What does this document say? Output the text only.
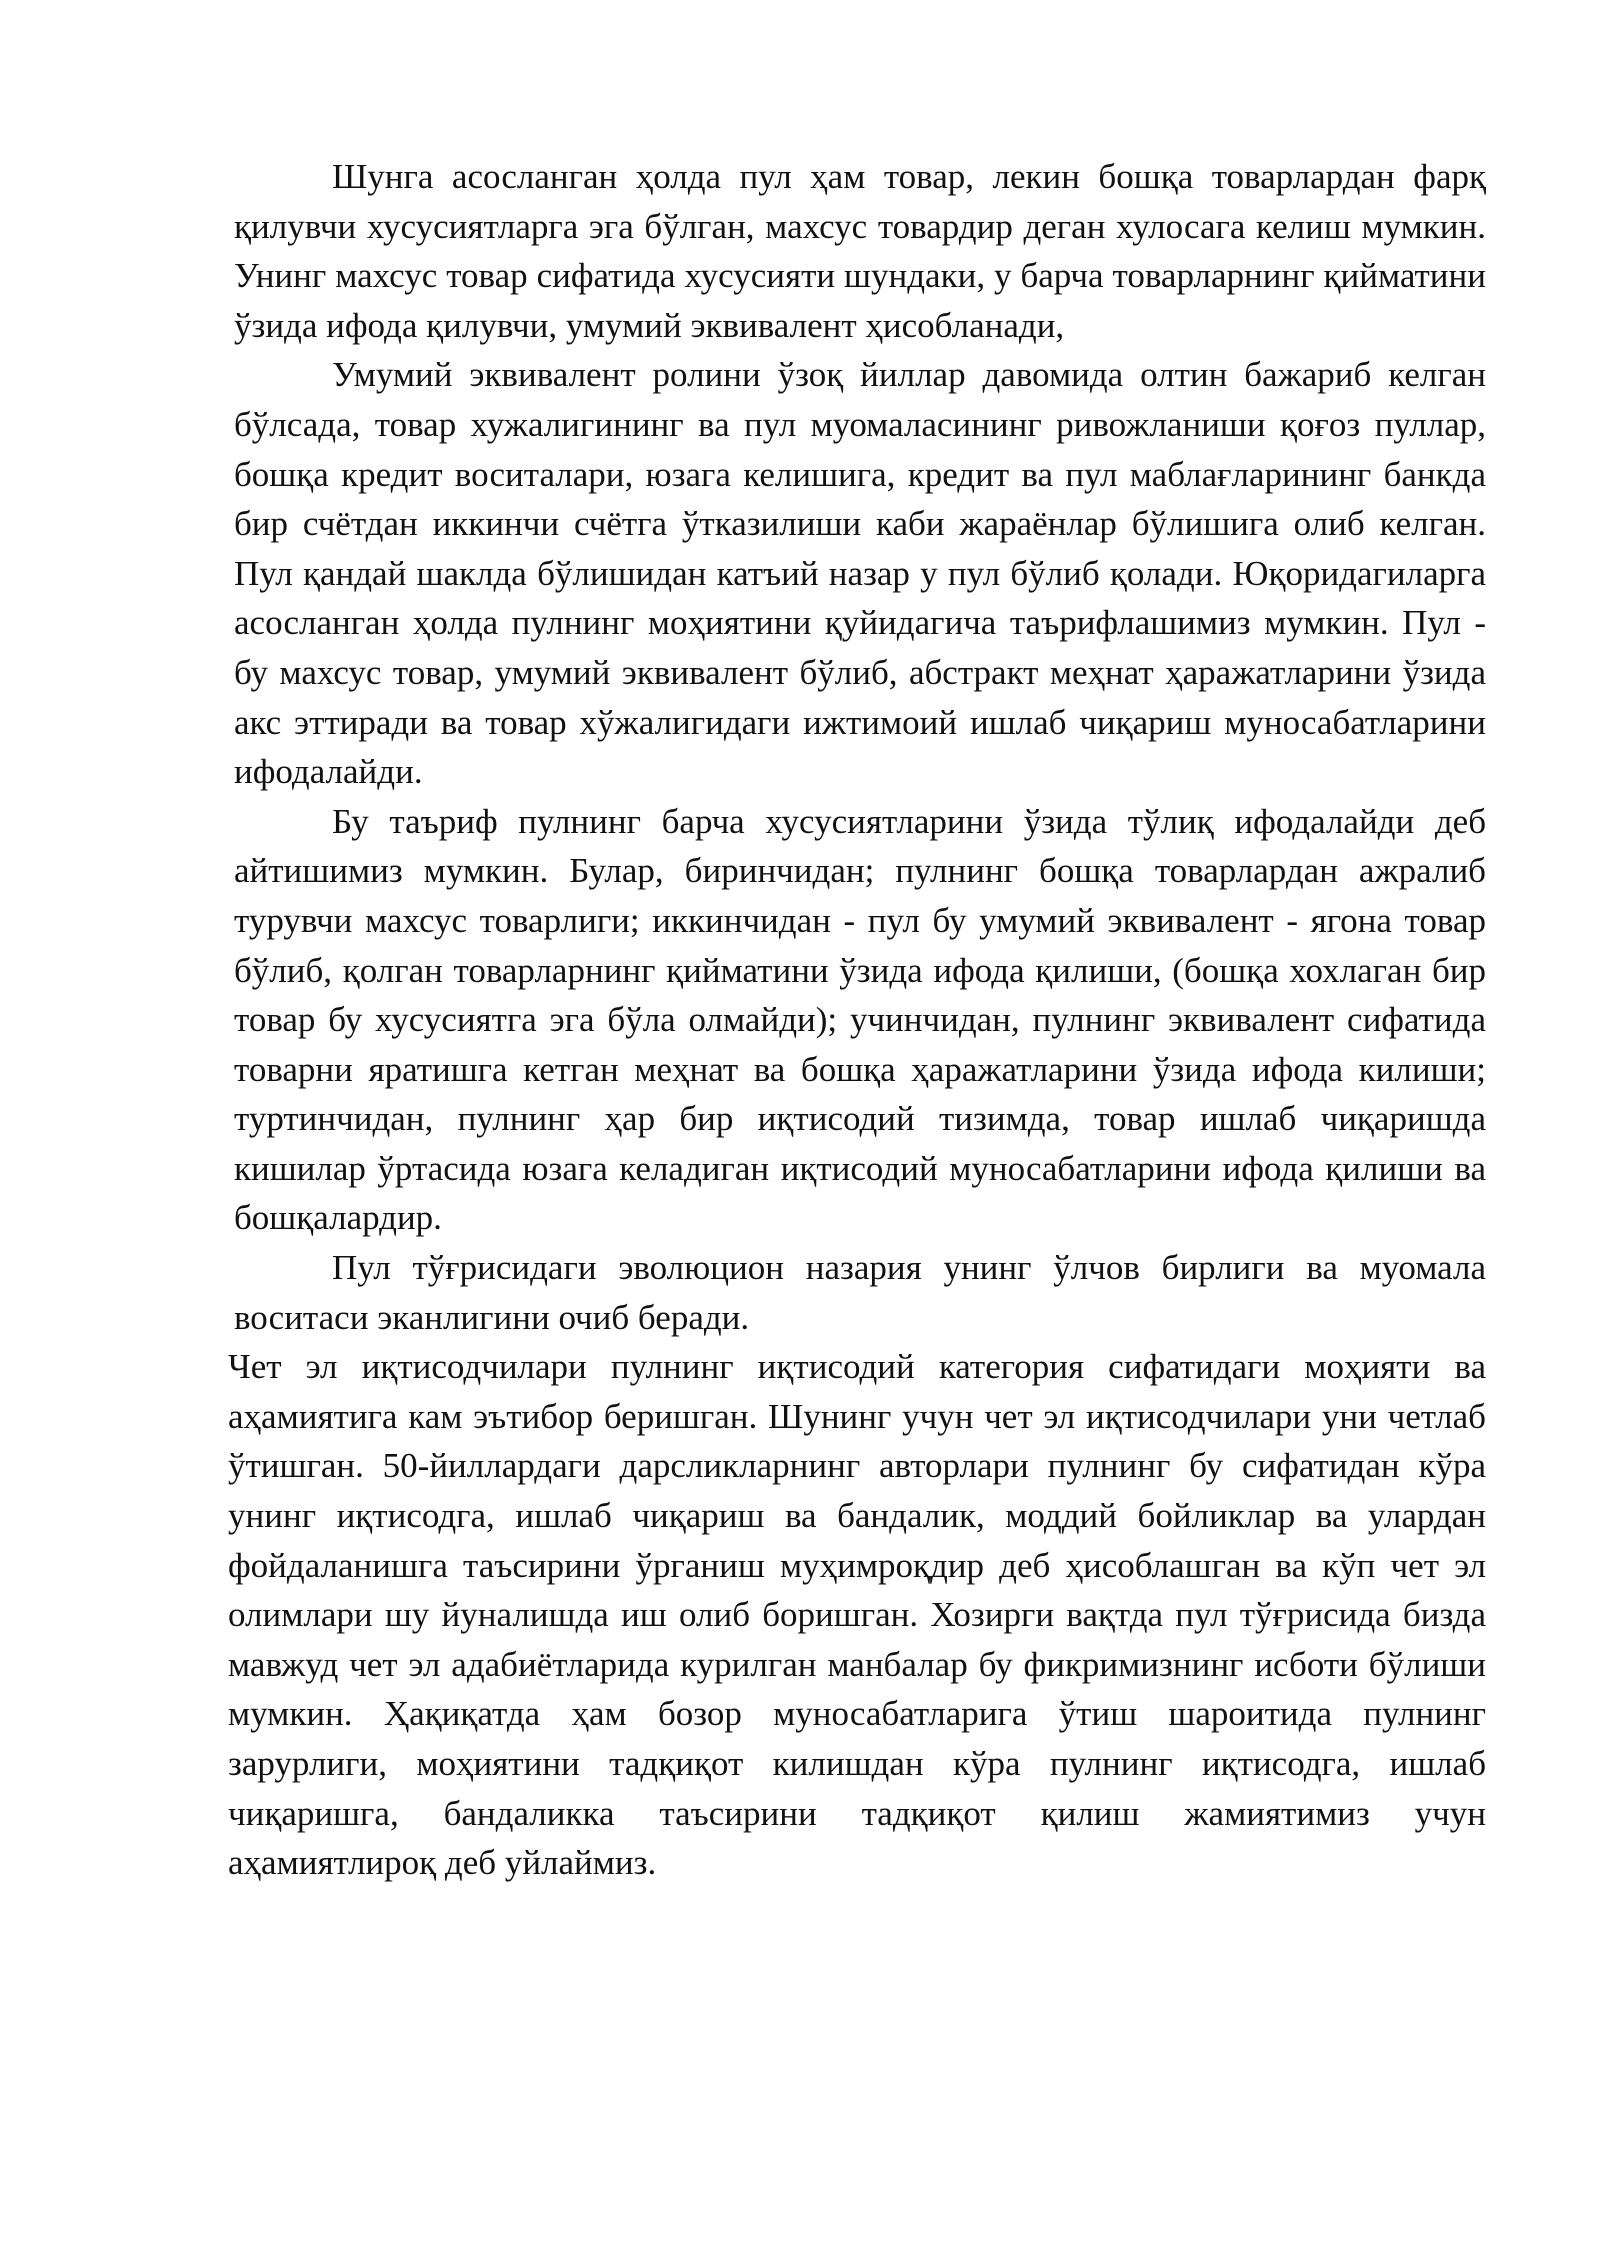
Шунга асосланган ҳолда пул ҳам товар, лекин бошқа товарлардан фарқ қилувчи хусусиятларга эга бўлган, махсус товардир деган хулосага келиш мумкин. Унинг махсус товар сифатида хусусияти шундаки, у барча товарларнинг қийматини ўзида ифода қилувчи, умумий эквивалент ҳисобланади,

Умумий эквивалент ролини ўзоқ йиллар давомида олтин бажариб келган бўлсада, товар хужалигининг ва пул муомаласининг ривожланиши қоғоз пуллар, бошқа кредит воситалари, юзага келишига, кредит ва пул маблағларининг банкда бир счётдан иккинчи счётга ўтказилиши каби жараёнлар бўлишига олиб келган. Пул қандай шаклда бўлишидан катъий назар у пул бўлиб қолади. Юқоридагиларга асосланган ҳолда пулнинг моҳиятини қуйидагича таърифлашимиз мумкин. Пул - бу махсус товар, умумий эквивалент бўлиб, абстракт меҳнат ҳаражатларини ўзида акс эттиради ва товар хўжалигидаги ижтимоий ишлаб чиқариш муносабатларини ифодалайди.

Бу таъриф пулнинг барча хусусиятларини ўзида тўлиқ ифодалайди деб айтишимиз мумкин. Булар, биринчидан; пулнинг бошқа товарлардан ажралиб турувчи махсус товарлиги; иккинчидан - пул бу умумий эквивалент - ягона товар бўлиб, қолган товарларнинг қийматини ўзида ифода қилиши, (бошқа хохлаган бир товар бу хусусиятга эга бўла олмайди); учинчидан, пулнинг эквивалент сифатида товарни яратишга кетган меҳнат ва бошқа ҳаражатларини ўзида ифода килиши; туртинчидан, пулнинг ҳар бир иқтисодий тизимда, товар ишлаб чиқаришда кишилар ўртасида юзага келадиган иқтисодий муносабатларини ифода қилиши ва бошқалардир.

Пул тўғрисидаги эволюцион назария унинг ўлчов бирлиги ва муомала воситаси эканлигини очиб беради.

Чет эл иқтисодчилари пулнинг иқтисодий категория сифатидаги моҳияти ва аҳамиятига кам эътибор беришган. Шунинг учун чет эл иқтисодчилари уни четлаб ўтишган. 50-йиллардаги дарсликларнинг авторлари пулнинг бу сифатидан кўра унинг иқтисодга, ишлаб чиқариш ва бандалик, моддий бойликлар ва улардан фойдаланишга таъсирини ўрганиш муҳимроқдир деб ҳисоблашган ва кўп чет эл олимлари шу йуналишда иш олиб боришган. Хозирги вақтда пул тўғрисида бизда мавжуд чет эл адабиётларида курилган манбалар бу фикримизнинг исботи бўлиши мумкин. Ҳақиқатда ҳам бозор муносабатларига ўтиш шароитида пулнинг зарурлиги, моҳиятини тадқиқот килишдан кўра пулнинг иқтисодга, ишлаб чиқаришга, бандаликка таъсирини тадқиқот қилиш жамиятимиз учун аҳамиятлироқ деб уйлаймиз.
